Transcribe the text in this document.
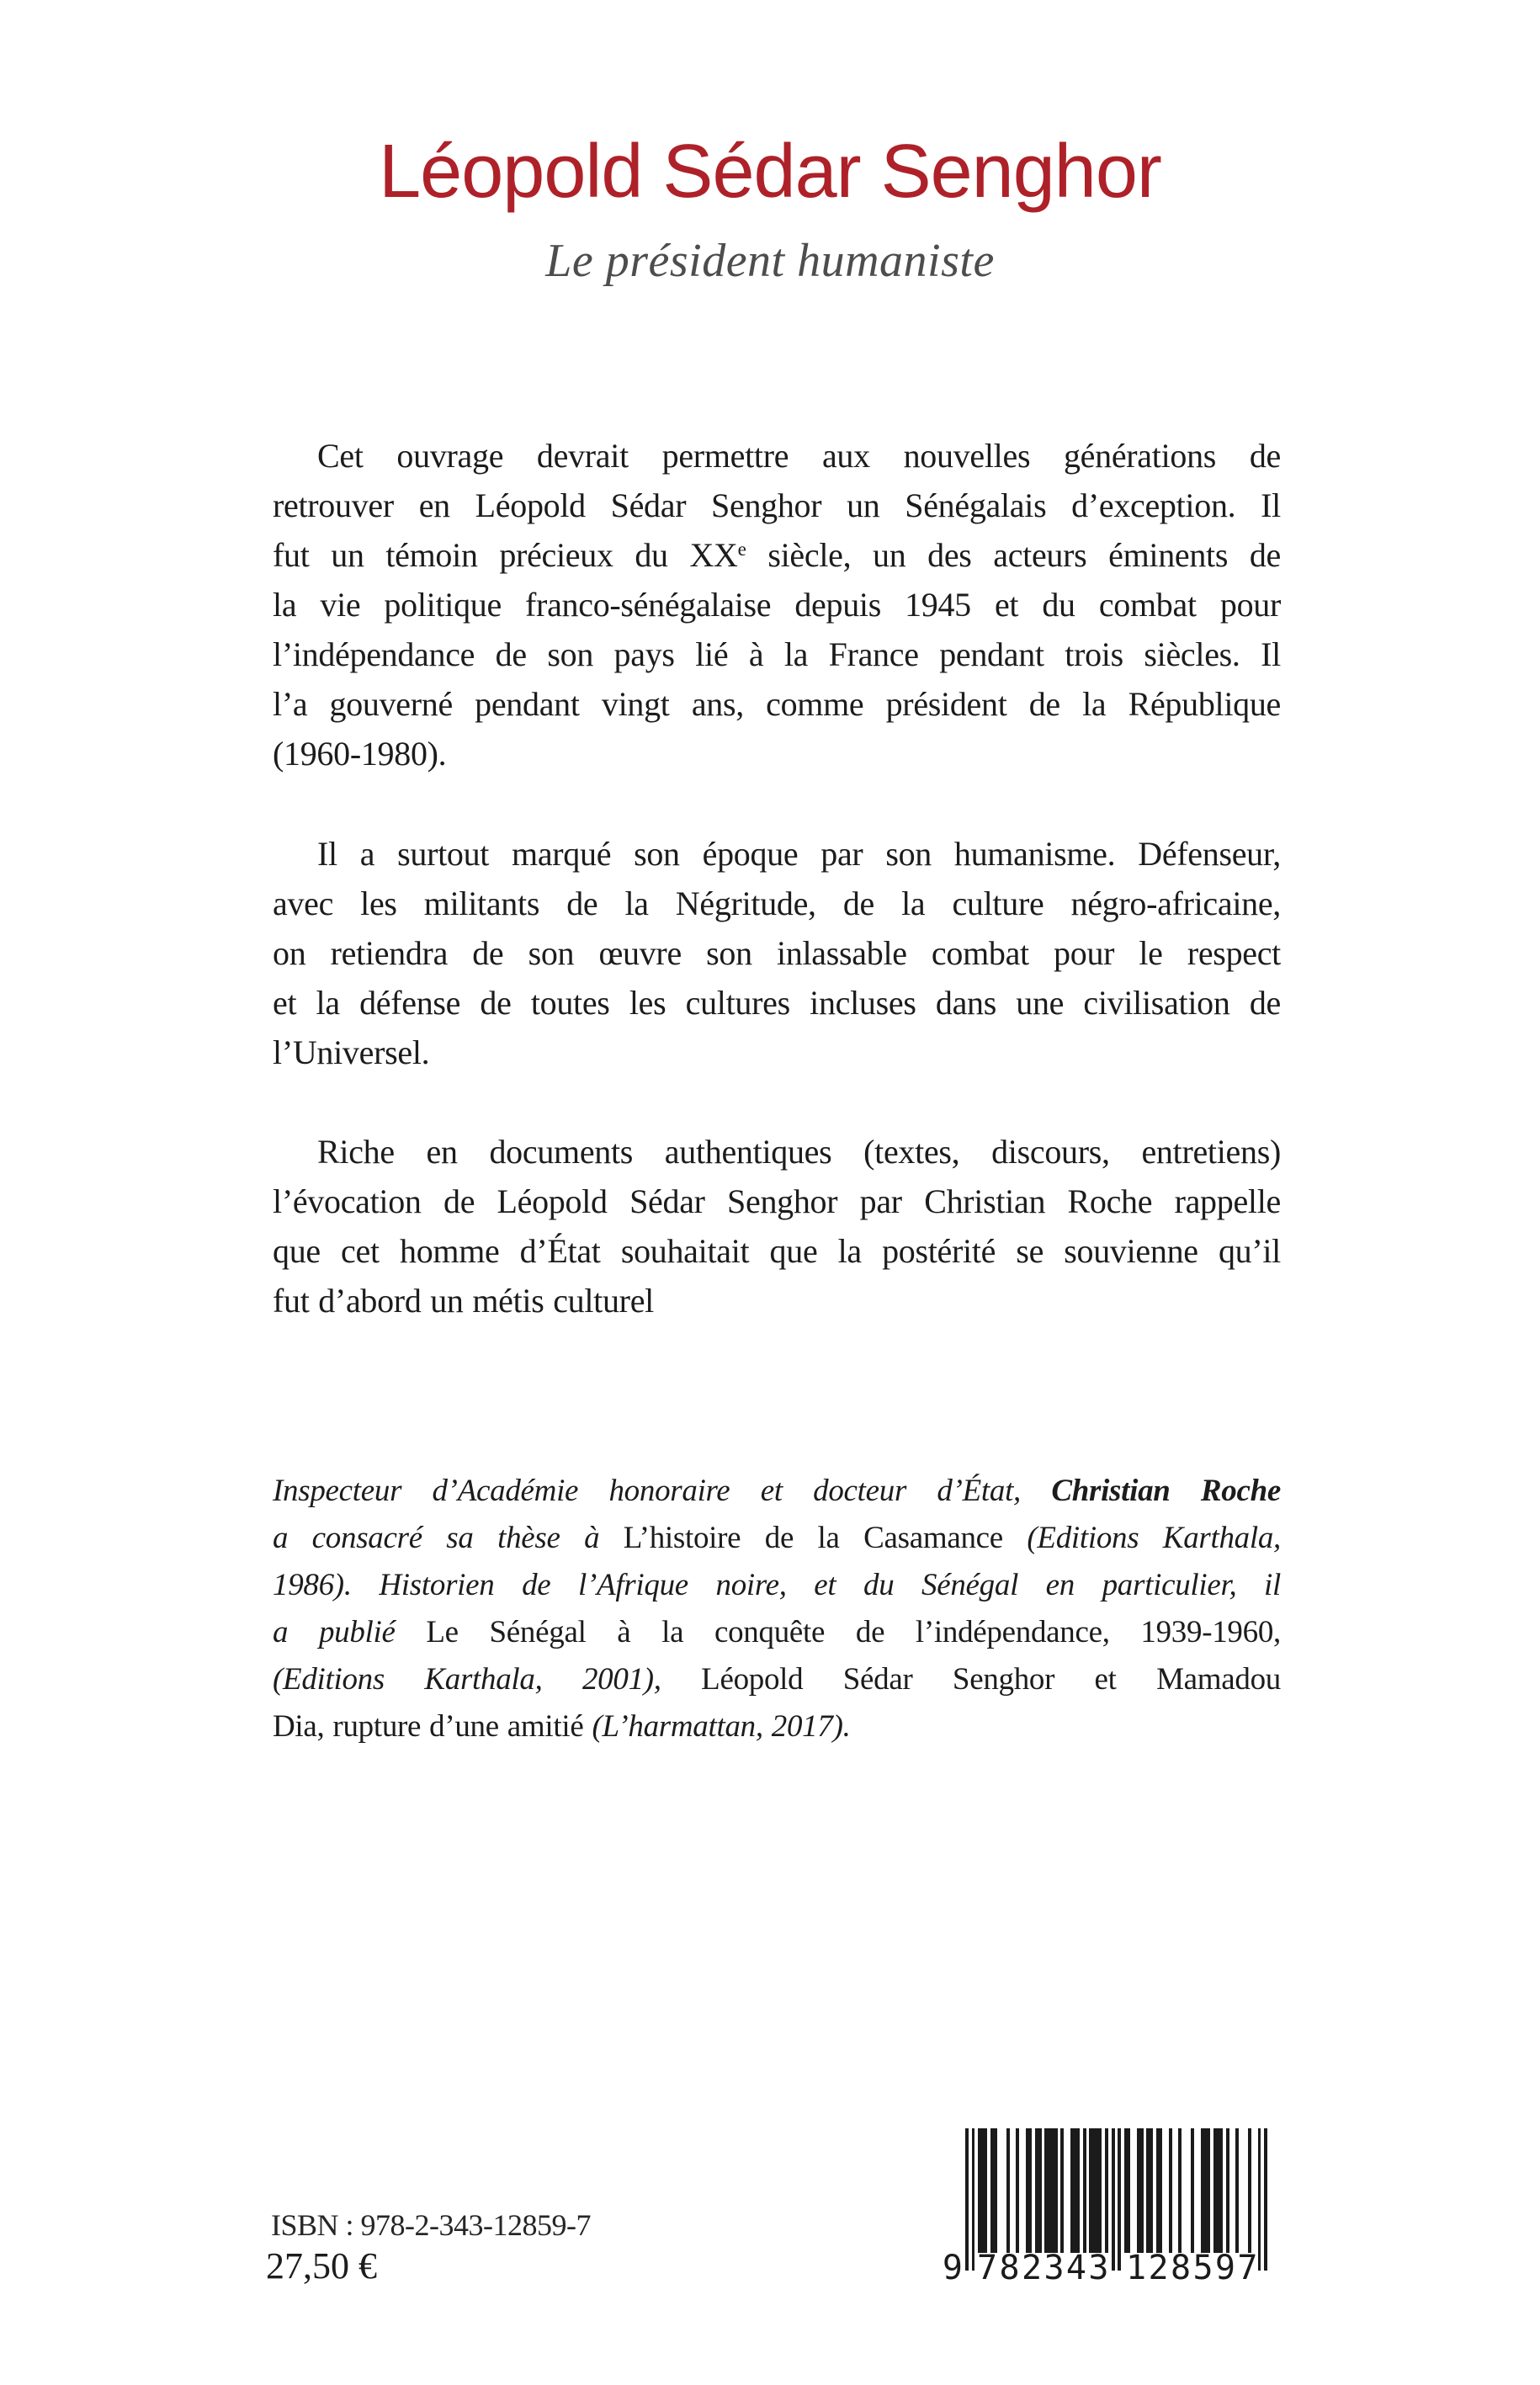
Léopold Sédar Senghor
Le président humaniste
Cet ouvrage devrait permettre aux nouvelles générations de
retrouver en Léopold Sédar Senghor un Sénégalais d’exception. Il
fut un témoin précieux du XXe siècle, un des acteurs éminents de
la vie politique franco-sénégalaise depuis 1945 et du combat pour
l’indépendance de son pays lié à la France pendant trois siècles. Il
l’a gouverné pendant vingt ans, comme président de la République
(1960-1980).
Il a surtout marqué son époque par son humanisme. Défenseur,
avec les militants de la Négritude, de la culture négro-africaine,
on retiendra de son œuvre son inlassable combat pour le respect
et la défense de toutes les cultures incluses dans une civilisation de
l’Universel.
Riche en documents authentiques (textes, discours, entretiens)
l’évocation de Léopold Sédar Senghor par Christian Roche rappelle
que cet homme d’État souhaitait que la postérité se souvienne qu’il
fut d’abord un métis culturel
Inspecteur d’Académie honoraire et docteur d’État, Christian Roche
a consacré sa thèse à L’histoire de la Casamance (Editions Karthala,
1986). Historien de l’Afrique noire, et du Sénégal en particulier, il
a publié Le Sénégal à la conquête de l’indépendance, 1939-1960,
(Editions Karthala, 2001), Léopold Sédar Senghor et Mamadou
Dia, rupture d’une amitié (L’harmattan, 2017).
ISBN : 978-2-343-12859-7
27,50 €	9 782343 128597
